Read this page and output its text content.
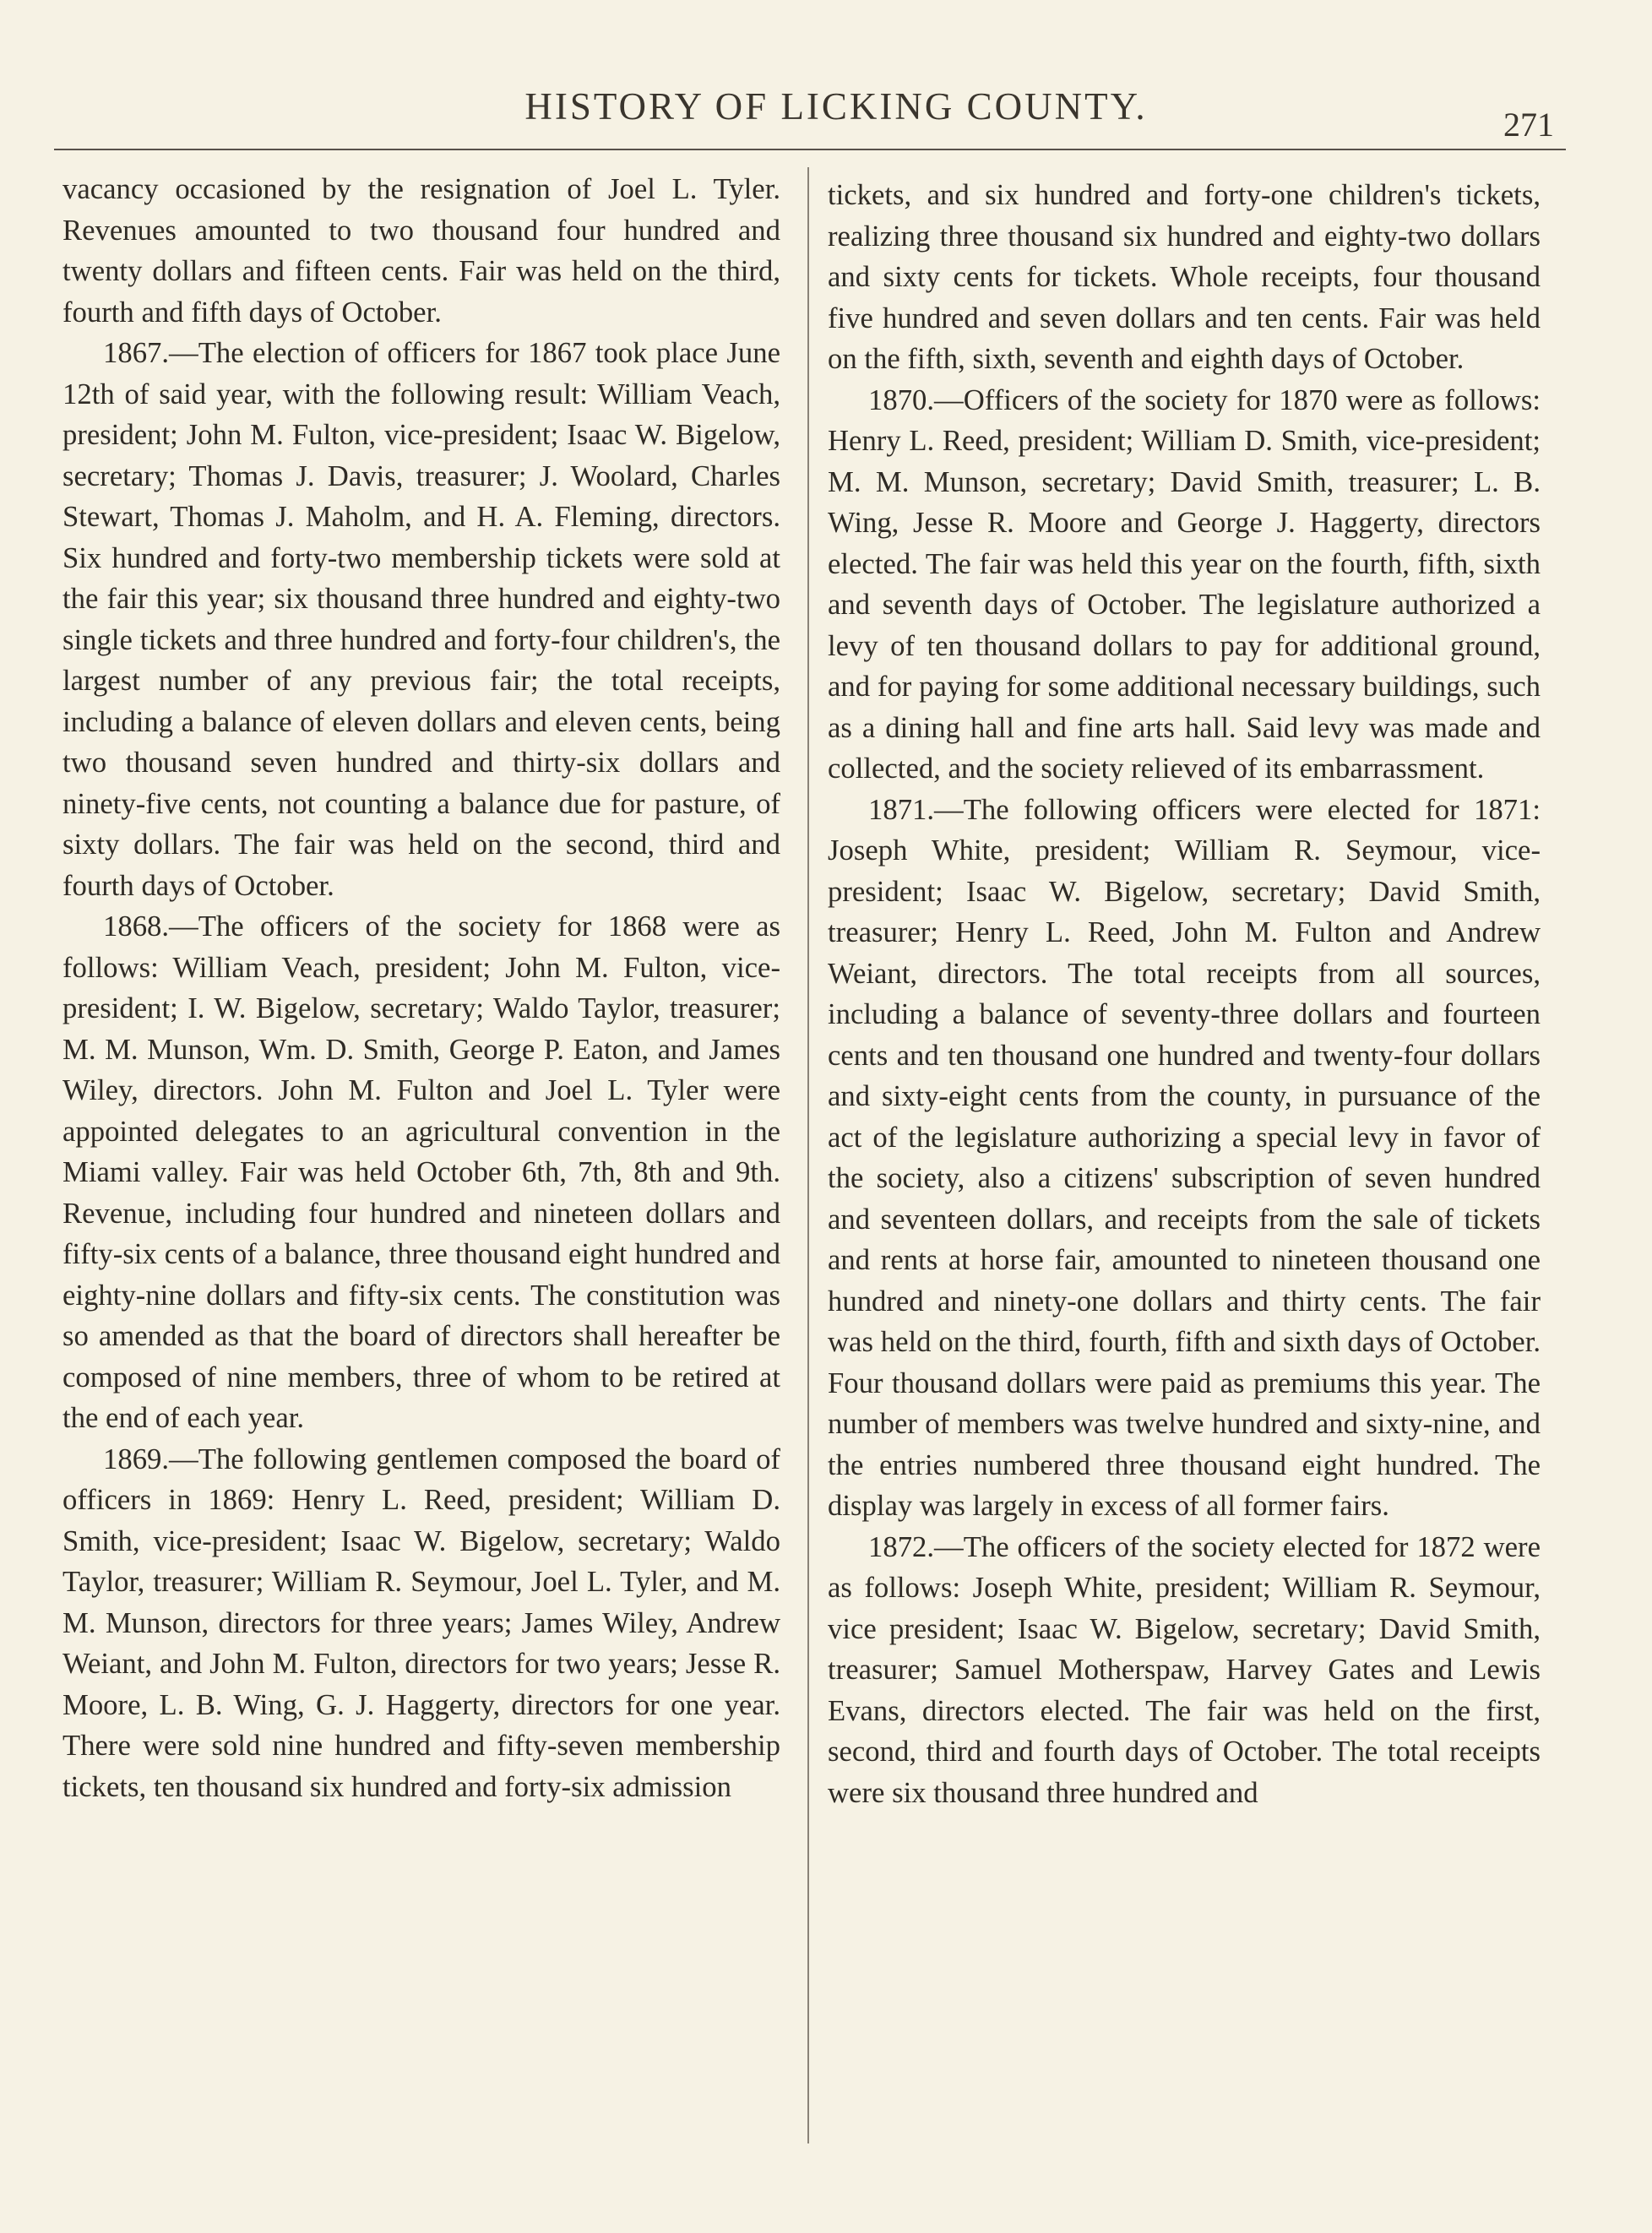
HISTORY OF LICKING COUNTY.	271

vacancy occasioned by the resignation of Joel L. Tyler. Revenues amounted to two thousand four hundred and twenty dollars and fifteen cents. Fair was held on the third, fourth and fifth days of October.

1867.—The election of officers for 1867 took place June 12th of said year, with the following result: William Veach, president; John M. Fulton, vice-president; Isaac W. Bigelow, secretary; Thomas J. Davis, treasurer; J. Woolard, Charles Stewart, Thomas J. Maholm, and H. A. Fleming, directors. Six hundred and forty-two membership tickets were sold at the fair this year; six thousand three hundred and eighty-two single tickets and three hundred and forty-four children's, the largest number of any previous fair; the total receipts, including a balance of eleven dollars and eleven cents, being two thousand seven hundred and thirty-six dollars and ninety-five cents, not counting a balance due for pasture, of sixty dollars. The fair was held on the second, third and fourth days of October.

1868.—The officers of the society for 1868 were as follows: William Veach, president; John M. Fulton, vice-president; I. W. Bigelow, secretary; Waldo Taylor, treasurer; M. M. Munson, Wm. D. Smith, George P. Eaton, and James Wiley, directors. John M. Fulton and Joel L. Tyler were appointed delegates to an agricultural convention in the Miami valley. Fair was held October 6th, 7th, 8th and 9th. Revenue, including four hundred and nineteen dollars and fifty-six cents of a balance, three thousand eight hundred and eighty-nine dollars and fifty-six cents. The constitution was so amended as that the board of directors shall hereafter be composed of nine members, three of whom to be retired at the end of each year.

1869.—The following gentlemen composed the board of officers in 1869: Henry L. Reed, president; William D. Smith, vice-president; Isaac W. Bigelow, secretary; Waldo Taylor, treasurer; William R. Seymour, Joel L. Tyler, and M. M. Munson, directors for three years; James Wiley, Andrew Weiant, and John M. Fulton, directors for two years; Jesse R. Moore, L. B. Wing, G. J. Haggerty, directors for one year. There were sold nine hundred and fifty-seven membership tickets, ten thousand six hundred and forty-six admission

tickets, and six hundred and forty-one children's tickets, realizing three thousand six hundred and eighty-two dollars and sixty cents for tickets. Whole receipts, four thousand five hundred and seven dollars and ten cents. Fair was held on the fifth, sixth, seventh and eighth days of October.

1870.—Officers of the society for 1870 were as follows: Henry L. Reed, president; William D. Smith, vice-president; M. M. Munson, secretary; David Smith, treasurer; L. B. Wing, Jesse R. Moore and George J. Haggerty, directors elected. The fair was held this year on the fourth, fifth, sixth and seventh days of October. The legislature authorized a levy of ten thousand dollars to pay for additional ground, and for paying for some additional necessary buildings, such as a dining hall and fine arts hall. Said levy was made and collected, and the society relieved of its embarrassment.

1871.—The following officers were elected for 1871: Joseph White, president; William R. Seymour, vice-president; Isaac W. Bigelow, secretary; David Smith, treasurer; Henry L. Reed, John M. Fulton and Andrew Weiant, directors. The total receipts from all sources, including a balance of seventy-three dollars and fourteen cents and ten thousand one hundred and twenty-four dollars and sixty-eight cents from the county, in pursuance of the act of the legislature authorizing a special levy in favor of the society, also a citizens' subscription of seven hundred and seventeen dollars, and receipts from the sale of tickets and rents at horse fair, amounted to nineteen thousand one hundred and ninety-one dollars and thirty cents. The fair was held on the third, fourth, fifth and sixth days of October. Four thousand dollars were paid as premiums this year. The number of members was twelve hundred and sixty-nine, and the entries numbered three thousand eight hundred. The display was largely in excess of all former fairs.

1872.—The officers of the society elected for 1872 were as follows: Joseph White, president; William R. Seymour, vice president; Isaac W. Bigelow, secretary; David Smith, treasurer; Samuel Motherspaw, Harvey Gates and Lewis Evans, directors elected. The fair was held on the first, second, third and fourth days of October. The total receipts were six thousand three hundred and
